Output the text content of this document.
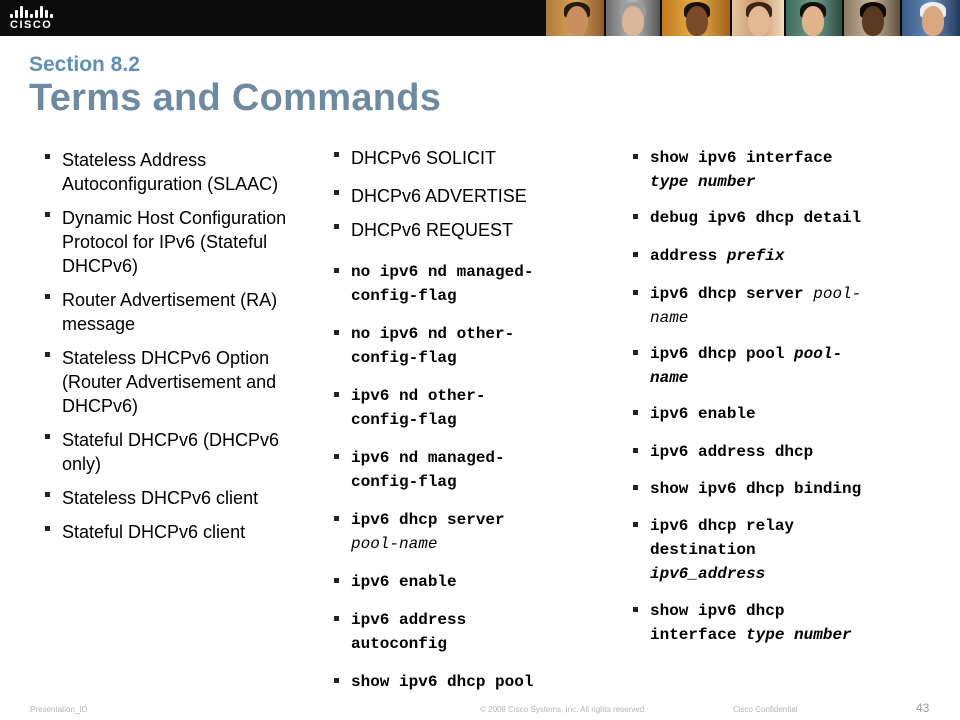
CISCO
Section 8.2
Terms and Commands
Stateless Address Autoconfiguration (SLAAC)
Dynamic Host Configuration Protocol for IPv6 (Stateful DHCPv6)
Router Advertisement (RA) message
Stateless DHCPv6 Option (Router Advertisement and DHCPv6)
Stateful DHCPv6 (DHCPv6 only)
Stateless DHCPv6 client
Stateful DHCPv6 client
DHCPv6 SOLICIT
DHCPv6 ADVERTISE
DHCPv6 REQUEST
no ipv6 nd managed-
config-flag
no ipv6 nd other-
config-flag
ipv6 nd other-
config-flag
ipv6 nd managed-
config-flag
ipv6 dhcp server
pool-name
ipv6 enable
ipv6 address
autoconfig
show ipv6 dhcp pool
show ipv6 interface
type number
debug ipv6 dhcp detail
address prefix
ipv6 dhcp server pool-
name
ipv6 dhcp pool pool-
name
ipv6 enable
ipv6 address dhcp
show ipv6 dhcp binding
ipv6 dhcp relay
destination
ipv6_address
show ipv6 dhcp
interface type number
Presentation_ID	© 2008 Cisco Systems, Inc. All rights reserved.	Cisco Confidential	43
